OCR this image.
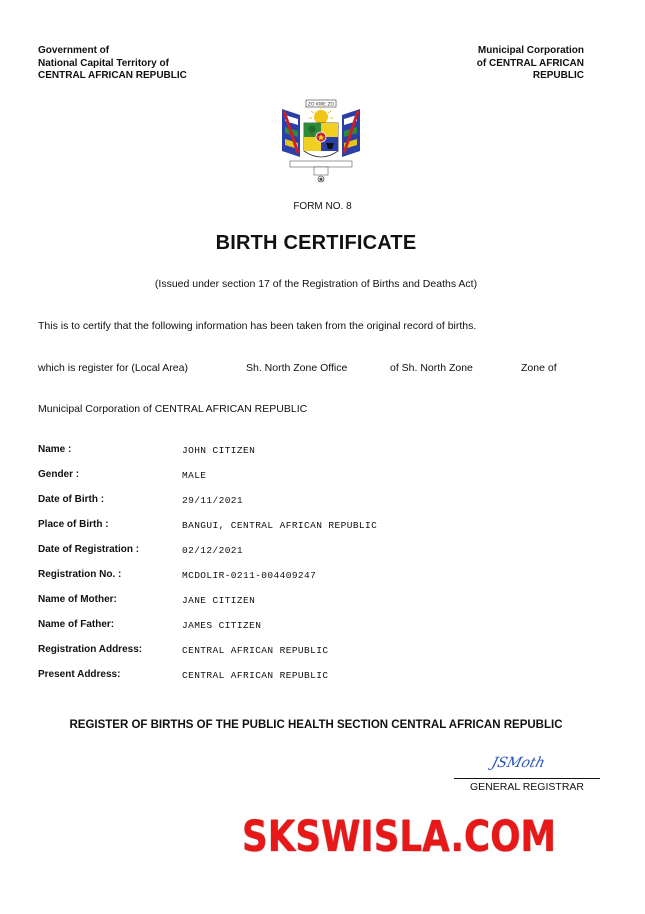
Government of
National Capital Territory of
CENTRAL AFRICAN REPUBLIC
Municipal Corporation
of CENTRAL AFRICAN
REPUBLIC
ZO KWE ZO
FORM NO. 8
BIRTH CERTIFICATE
(Issued under section 17 of the Registration of Births and Deaths Act)
This is to certify that the following information has been taken from the original record of births.
which is register for (Local Area)	Sh. North Zone Office	of Sh. North Zone	Zone of
Municipal Corporation of CENTRAL AFRICAN REPUBLIC
Name :	JOHN CITIZEN
Gender :	MALE
Date of Birth :	29/11/2021
Place of Birth :	BANGUI, CENTRAL AFRICAN REPUBLIC
Date of Registration :	02/12/2021
Registration No. :	MCDOLIR-0211-004409247
Name of Mother:	JANE CITIZEN
Name of Father:	JAMES CITIZEN
Registration Address:	CENTRAL AFRICAN REPUBLIC
Present Address:	CENTRAL AFRICAN REPUBLIC
REGISTER OF BIRTHS OF THE PUBLIC HEALTH SECTION CENTRAL AFRICAN REPUBLIC
JSMoth
GENERAL REGISTRAR
SKSWISLA.COM
